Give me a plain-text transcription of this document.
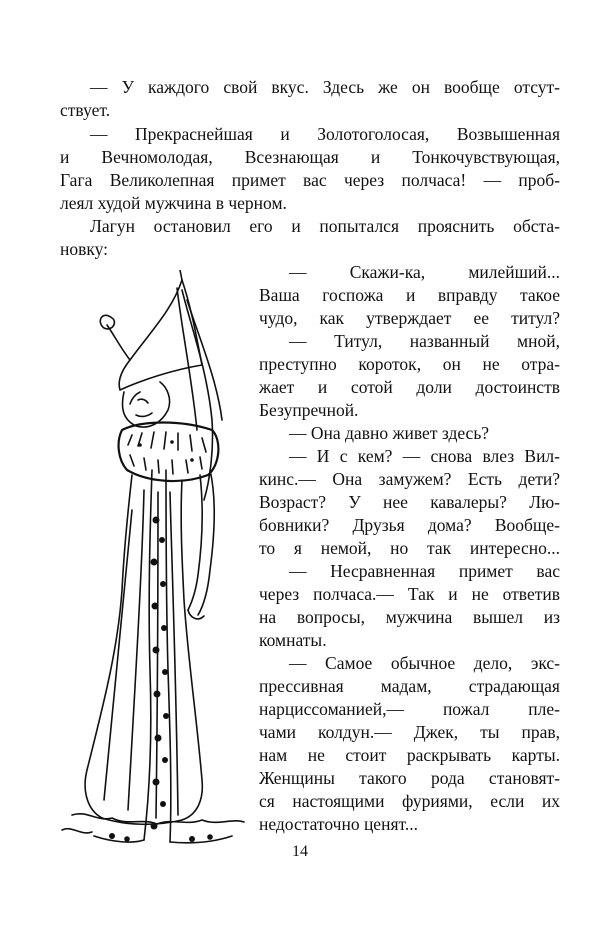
— У каждого свой вкус. Здесь же он вообще отсут-
ствует.
— Прекраснейшая и Золотоголосая, Возвышенная
и Вечномолодая, Всезнающая и Тонкочувствующая,
Гага Великолепная примет вас через полчаса! — проб-
леял худой мужчина в черном.
Лагун остановил его и попытался прояснить обста-
новку:
— Скажи-ка, милейший...
Ваша госпожа и вправду такое
чудо, как утверждает ее титул?
— Титул, названный мной,
преступно короток, он не отра-
жает и сотой доли достоинств
Безупречной.
— Она давно живет здесь?
— И с кем? — снова влез Вил-
кинс.— Она замужем? Есть дети?
Возраст? У нее кавалеры? Лю-
бовники? Друзья дома? Вообще-
то я немой, но так интересно...
— Несравненная примет вас
через полчаса.— Так и не ответив
на вопросы, мужчина вышел из
комнаты.
— Самое обычное дело, экс-
прессивная мадам, страдающая
нарциссоманией,— пожал пле-
чами колдун.— Джек, ты прав,
нам не стоит раскрывать карты.
Женщины такого рода становят-
ся настоящими фуриями, если их
недостаточно ценят...
14
